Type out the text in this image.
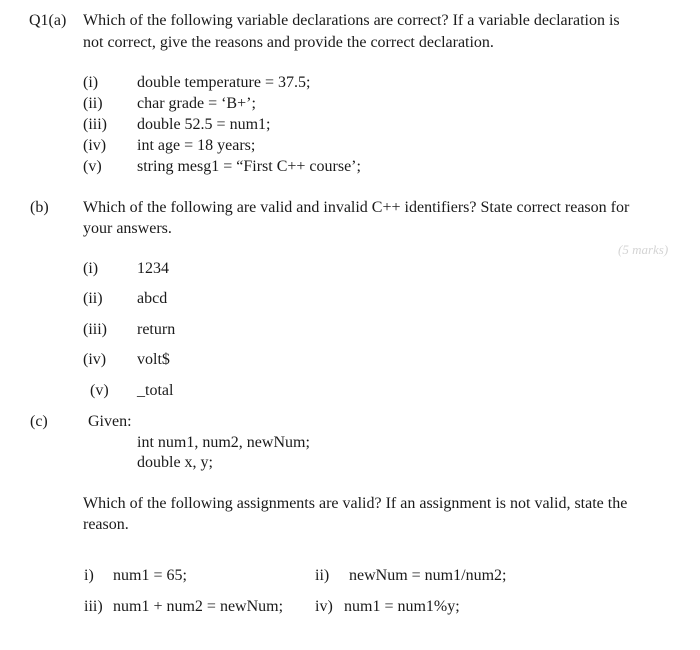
Q1(a) Which of the following variable declarations are correct? If a variable declaration is
not correct, give the reasons and provide the correct declaration.
(i) double temperature = 37.5;
(ii) char grade = ‘B+’;
(iii) double 52.5 = num1;
(iv) int age = 18 years;
(v) string mesg1 = “First C++ course’;
(b) Which of the following are valid and invalid C++ identifiers? State correct reason for
your answers.
(5 marks)
(i) 1234
(ii) abcd
(iii) return
(iv) volt$
(v) _total
(c)	Given:
int num1, num2, newNum;
double x, y;
Which of the following assignments are valid? If an assignment is not valid, state the
reason.
i) num1 = 65;	ii) newNum = num1/num2;
iii) num1 + num2 = newNum; iv) num1 = num1%y;
